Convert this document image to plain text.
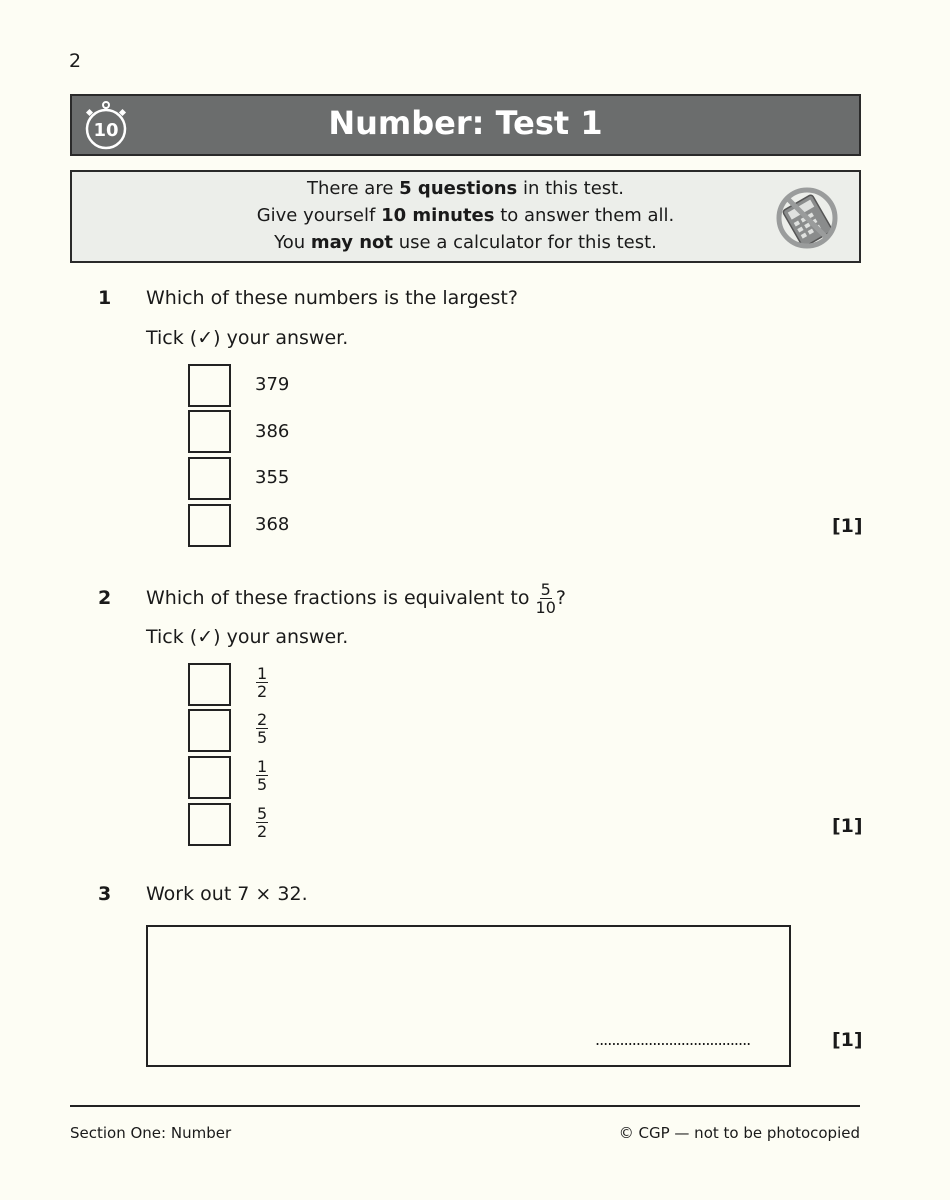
2
10	Number: Test 1
There are 5 questions in this test.
Give yourself 10 minutes to answer them all.
You may not use a calculator for this test.
1 Which of these numbers is the largest?
Tick (✓) your answer.
379
386
355
368	[1]
2 Which of these fractions is equivalent to $\frac{5}{10}$ ?
Tick (✓) your answer.
$\frac{1}{2}$
$\frac{2}{5}$
$\frac{1}{5}$
$\frac{5}{2}$	[1]
3 Work out 7 × 32.
......................................	[1]
Section One: Number	© CGP — not to be photocopied
